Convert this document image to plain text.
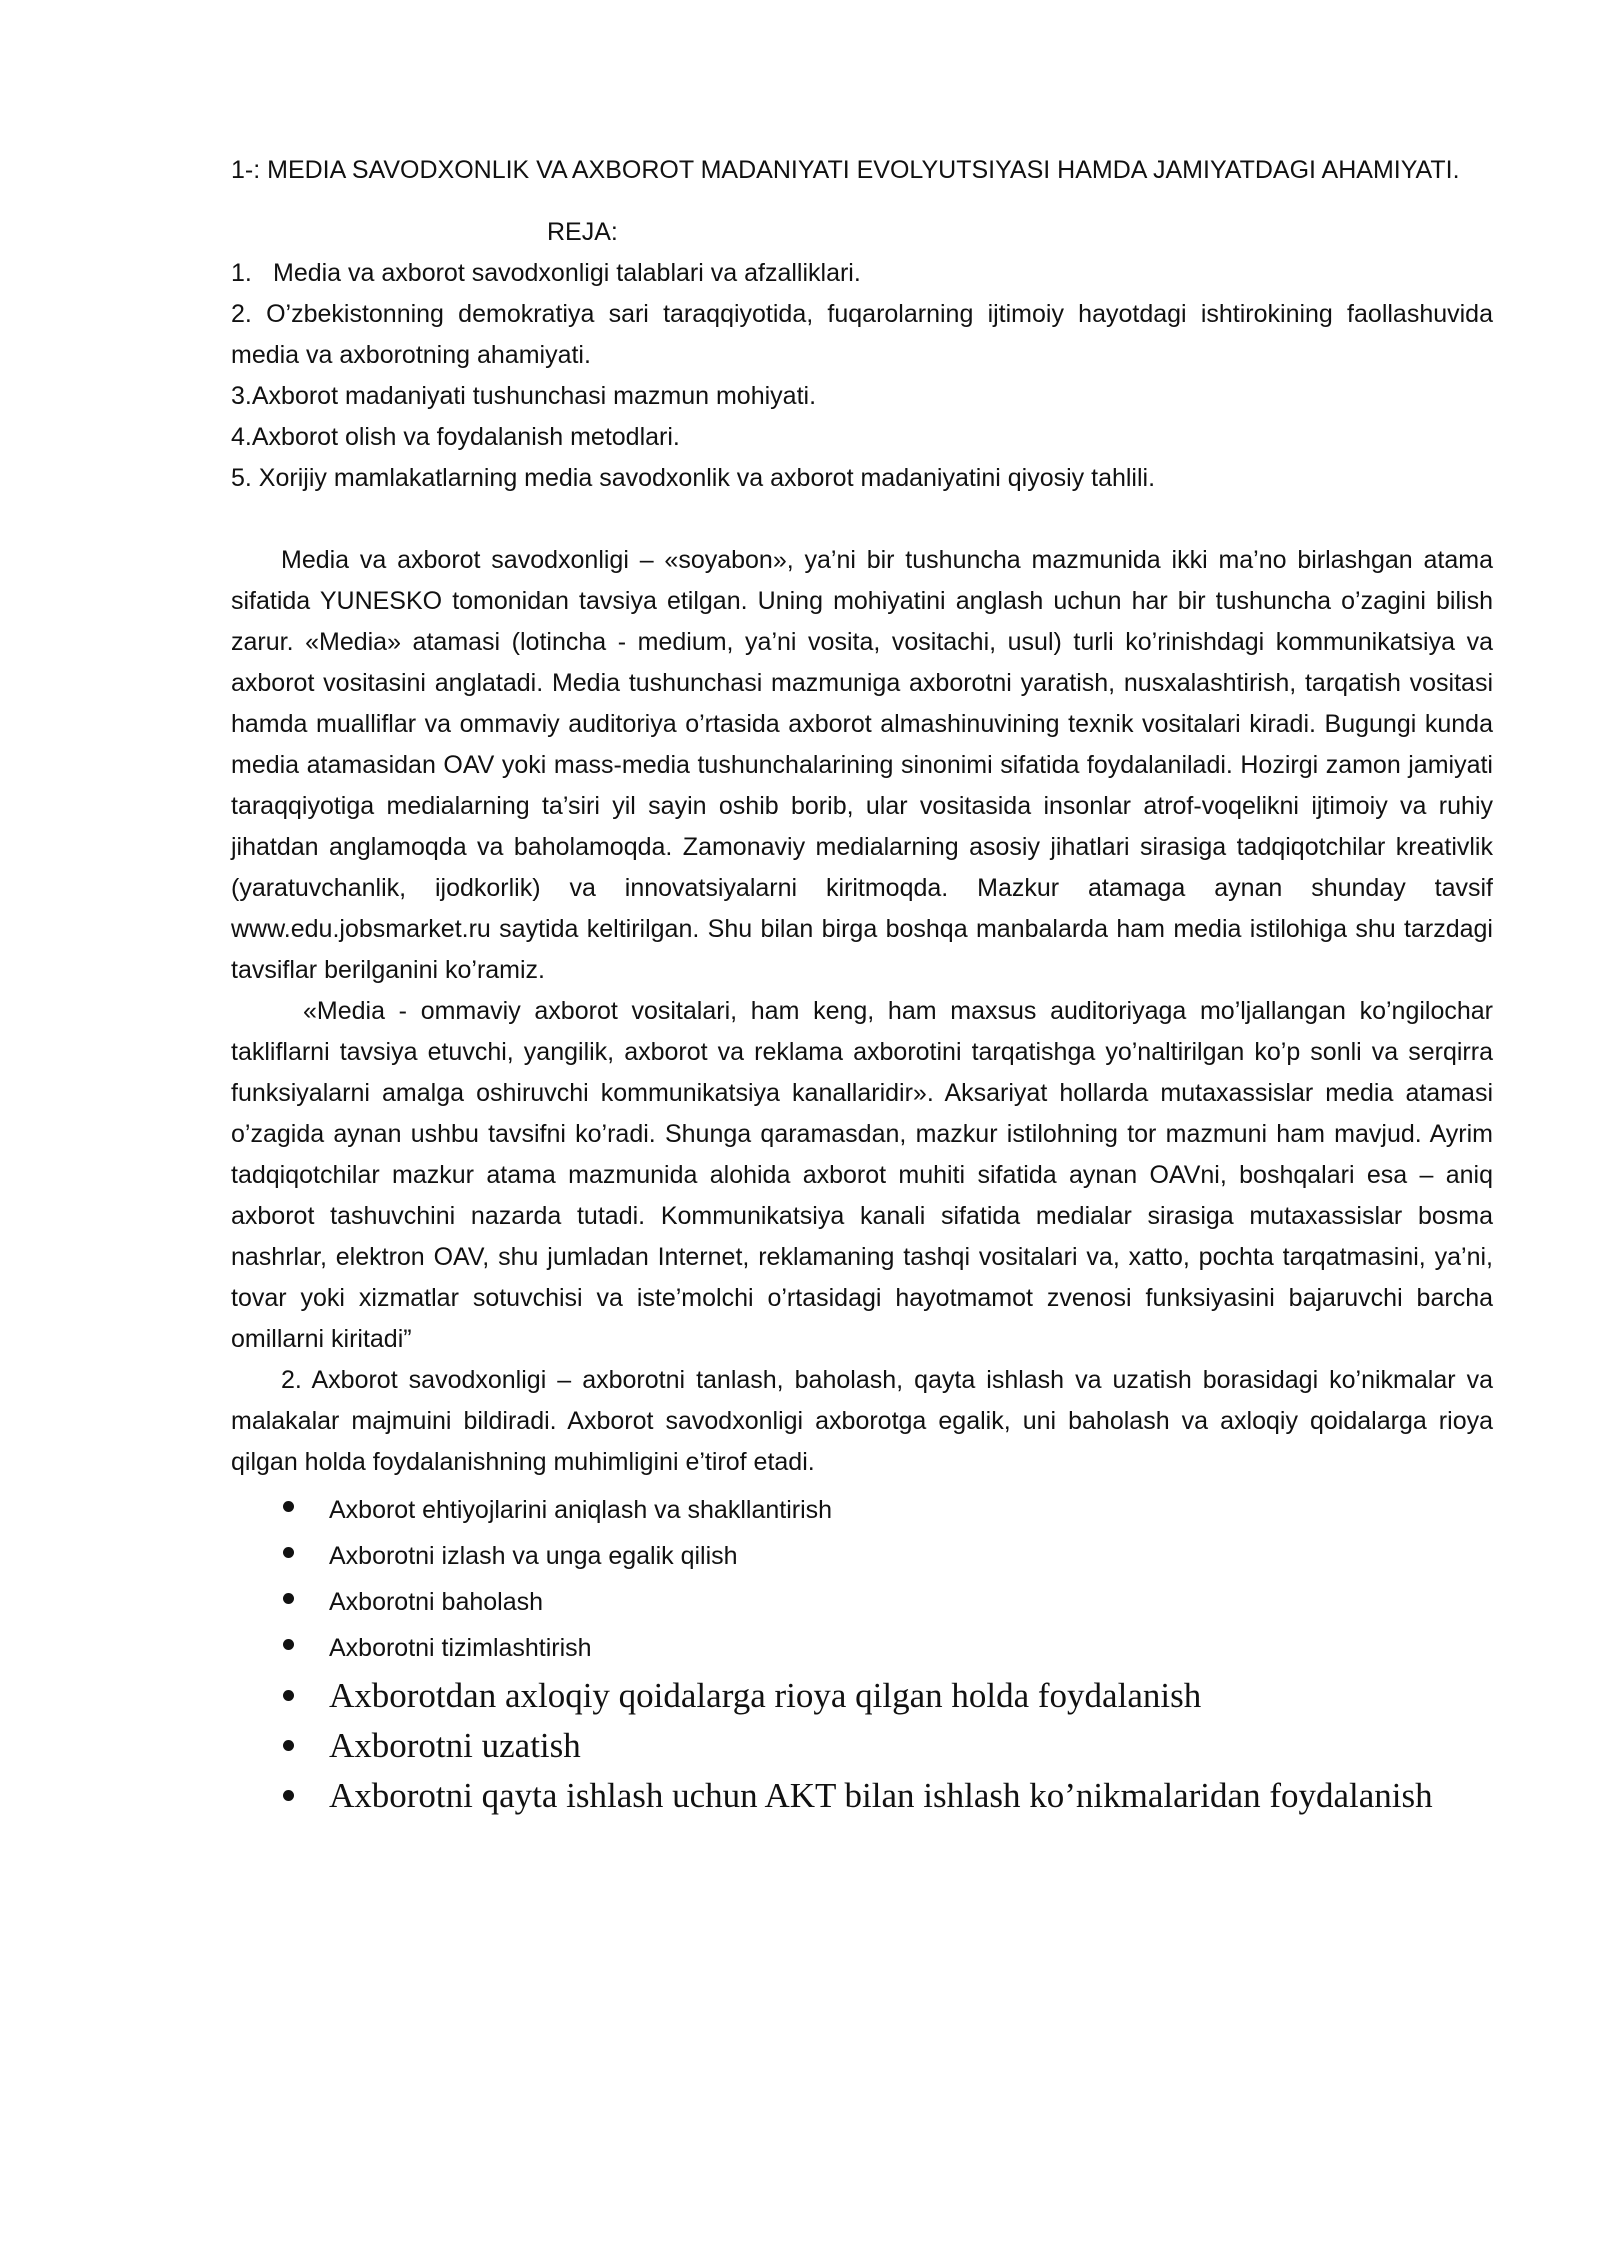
1-: MEDIA SAVODXONLIK VA AXBOROT MADANIYATI EVOLYUTSIYASI HAMDA JAMIYATDAGI AHAMIYATI.
REJA:
1. Media va axborot savodxonligi talablari va afzalliklari.
2. O’zbekistonning demokratiya sari taraqqiyotida, fuqarolarning ijtimoiy hayotdagi ishtirokining faollashuvida media va axborotning ahamiyati.
3.Axborot madaniyati tushunchasi mazmun mohiyati.
4.Axborot olish va foydalanish metodlari.
5. Xorijiy mamlakatlarning media savodxonlik va axborot madaniyatini qiyosiy tahlili.

Media va axborot savodxonligi – «soyabon», ya’ni bir tushuncha mazmunida ikki ma’no birlashgan atama sifatida YUNESKO tomonidan tavsiya etilgan. Uning mohiyatini anglash uchun har bir tushuncha o’zagini bilish zarur. «Media» atamasi (lotincha - medium, ya’ni vosita, vositachi, usul) turli ko’rinishdagi kommunikatsiya va axborot vositasini anglatadi. Media tushunchasi mazmuniga axborotni yaratish, nusxalashtirish, tarqatish vositasi hamda mualliflar va ommaviy auditoriya o’rtasida axborot almashinuvining texnik vositalari kiradi. Bugungi kunda media atamasidan OAV yoki mass-media tushunchalarining sinonimi sifatida foydalaniladi. Hozirgi zamon jamiyati taraqqiyotiga medialarning ta’siri yil sayin oshib borib, ular vositasida insonlar atrof-voqelikni ijtimoiy va ruhiy jihatdan anglamoqda va baholamoqda. Zamonaviy medialarning asosiy jihatlari sirasiga tadqiqotchilar kreativlik (yaratuvchanlik, ijodkorlik) va innovatsiyalarni kiritmoqda. Mazkur atamaga aynan shunday tavsif www.edu.jobsmarket.ru saytida keltirilgan. Shu bilan birga boshqa manbalarda ham media istilohiga shu tarzdagi tavsiflar berilganini ko’ramiz.

«Media - ommaviy axborot vositalari, ham keng, ham maxsus auditoriyaga mo’ljallangan ko’ngilochar takliflarni tavsiya etuvchi, yangilik, axborot va reklama axborotini tarqatishga yo’naltirilgan ko’p sonli va serqirra funksiyalarni amalga oshiruvchi kommunikatsiya kanallaridir». Aksariyat hollarda mutaxassislar media atamasi o’zagida aynan ushbu tavsifni ko’radi. Shunga qaramasdan, mazkur istilohning tor mazmuni ham mavjud. Ayrim tadqiqotchilar mazkur atama mazmunida alohida axborot muhiti sifatida aynan OAVni, boshqalari esa – aniq axborot tashuvchini nazarda tutadi. Kommunikatsiya kanali sifatida medialar sirasiga mutaxassislar bosma nashrlar, elektron OAV, shu jumladan Internet, reklamaning tashqi vositalari va, xatto, pochta tarqatmasini, ya’ni, tovar yoki xizmatlar sotuvchisi va iste’molchi o’rtasidagi hayotmamot zvenosi funksiyasini bajaruvchi barcha omillarni kiritadi”

2. Axborot savodxonligi – axborotni tanlash, baholash, qayta ishlash va uzatish borasidagi ko’nikmalar va malakalar majmuini bildiradi. Axborot savodxonligi axborotga egalik, uni baholash va axloqiy qoidalarga rioya qilgan holda foydalanishning muhimligini e’tirof etadi.

Axborot ehtiyojlarini aniqlash va shakllantirish
Axborotni izlash va unga egalik qilish
Axborotni baholash
Axborotni tizimlashtirish
Axborotdan axloqiy qoidalarga rioya qilgan holda foydalanish
Axborotni uzatish
Axborotni qayta ishlash uchun AKT bilan ishlash ko’nikmalaridan foydalanish
